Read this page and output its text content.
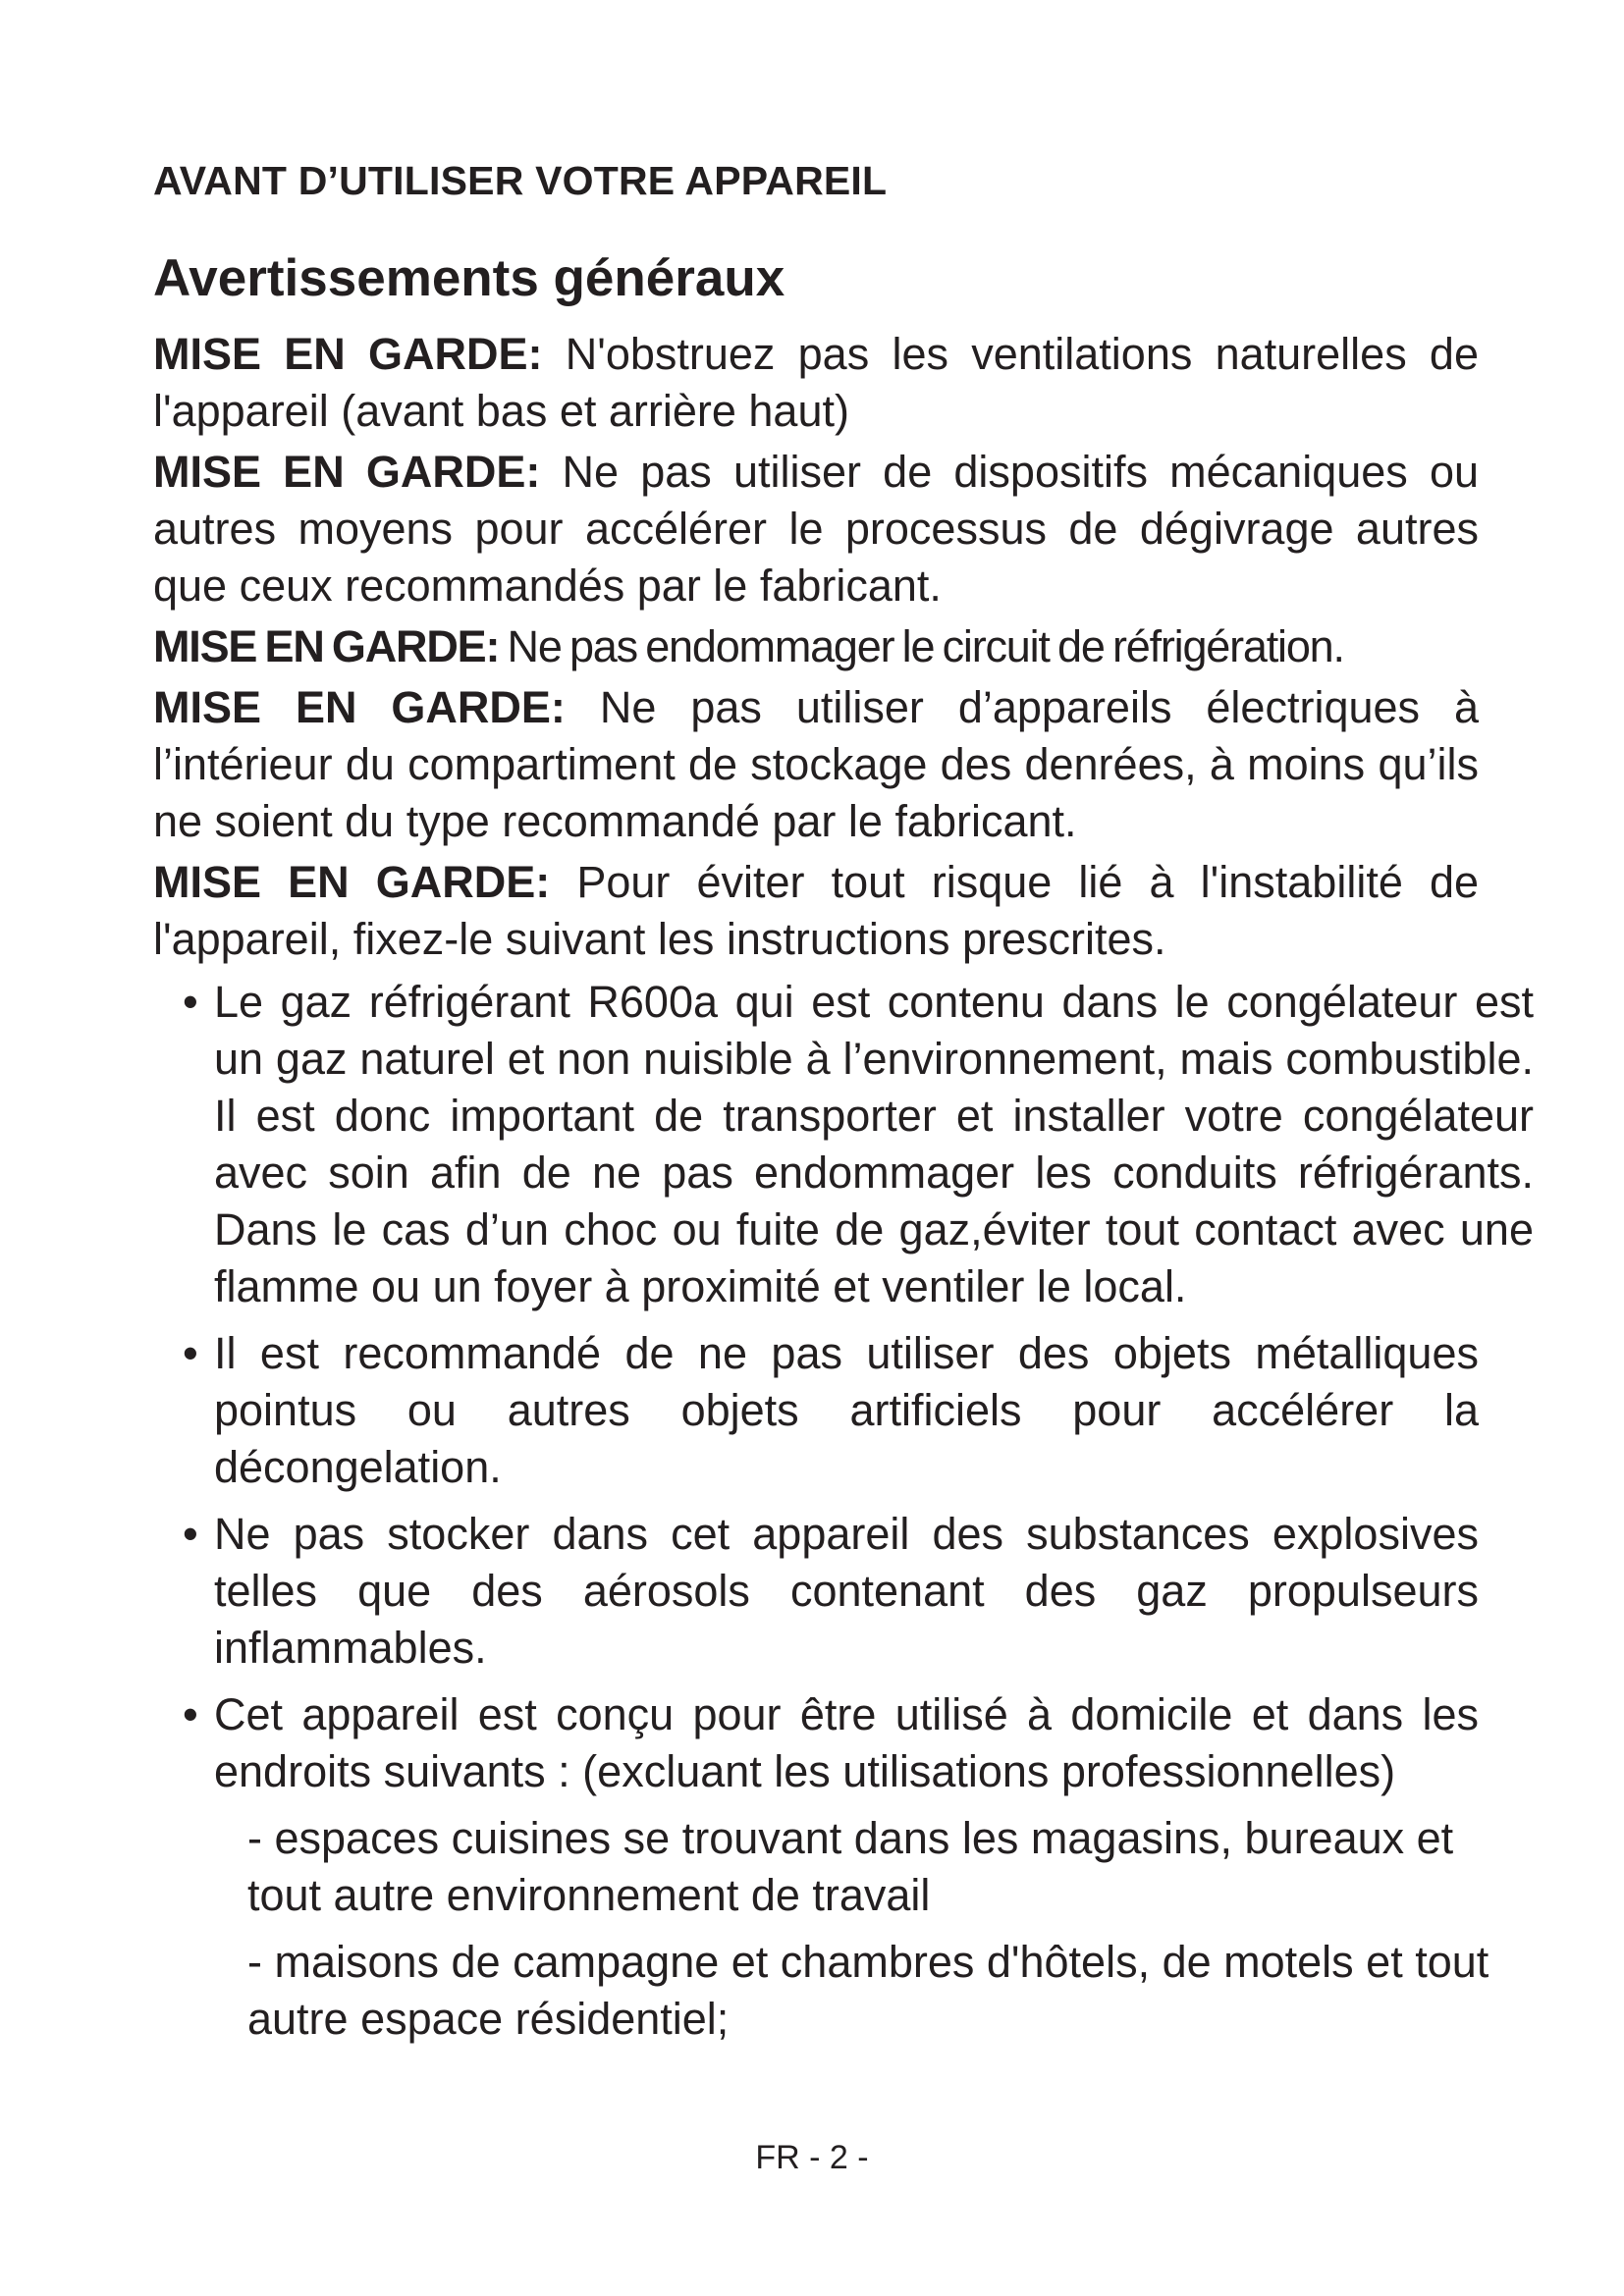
AVANT D’UTILISER VOTRE APPAREIL
Avertissements généraux

MISE EN GARDE: N'obstruez pas les ventilations naturelles de l'appareil (avant bas et arrière haut)

MISE EN GARDE: Ne pas utiliser de dispositifs mécaniques ou autres moyens pour accélérer le processus de dégivrage autres que ceux recommandés par le fabricant.

MISE EN GARDE: Ne pas endommager le circuit de réfrigération.

MISE EN GARDE: Ne pas utiliser d’appareils électriques à l’intérieur du compartiment de stockage des denrées, à moins qu’ils ne soient du type recommandé par le fabricant.

MISE EN GARDE: Pour éviter tout risque lié à l'instabilité de l'appareil, fixez-le suivant les instructions prescrites.

• Le gaz réfrigérant R600a qui est contenu dans le congélateur est un gaz naturel et non nuisible à l’environnement, mais combustible. Il est donc important de transporter et installer votre congélateur avec soin afin de ne pas endommager les conduits réfrigérants. Dans le cas d’un choc ou fuite de gaz,éviter tout contact avec une flamme ou un foyer à proximité et ventiler le local.
• Il est recommandé de ne pas utiliser des objets métalliques pointus ou autres objets artificiels pour accélérer la décongelation.
• Ne pas stocker dans cet appareil des substances explosives telles que des aérosols contenant des gaz propulseurs inflammables.
• Cet appareil est conçu pour être utilisé à domicile et dans les endroits suivants : (excluant les utilisations professionnelles)
- espaces cuisines se trouvant dans les magasins, bureaux et tout autre environnement de travail
- maisons de campagne et chambres d'hôtels, de motels et tout autre espace résidentiel;
FR - 2 -
